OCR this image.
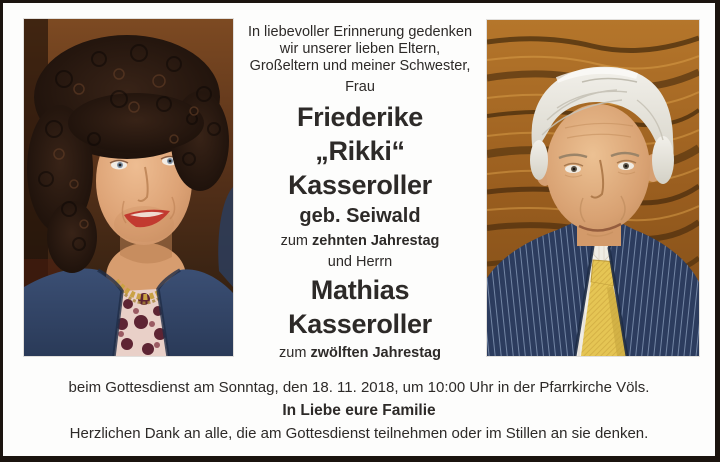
In liebevoller Erinnerung gedenken
wir unserer lieben Eltern,
Großeltern und meiner Schwester,
Frau
Friederike
„Rikki“
Kasseroller
geb. Seiwald
zum zehnten Jahrestag
und Herrn
Mathias
Kasseroller
zum zwölften Jahrestag
beim Gottesdienst am Sonntag, den 18. 11. 2018, um 10:00 Uhr in der Pfarrkirche Völs.
In Liebe eure Familie
Herzlichen Dank an alle, die am Gottesdienst teilnehmen oder im Stillen an sie denken.
